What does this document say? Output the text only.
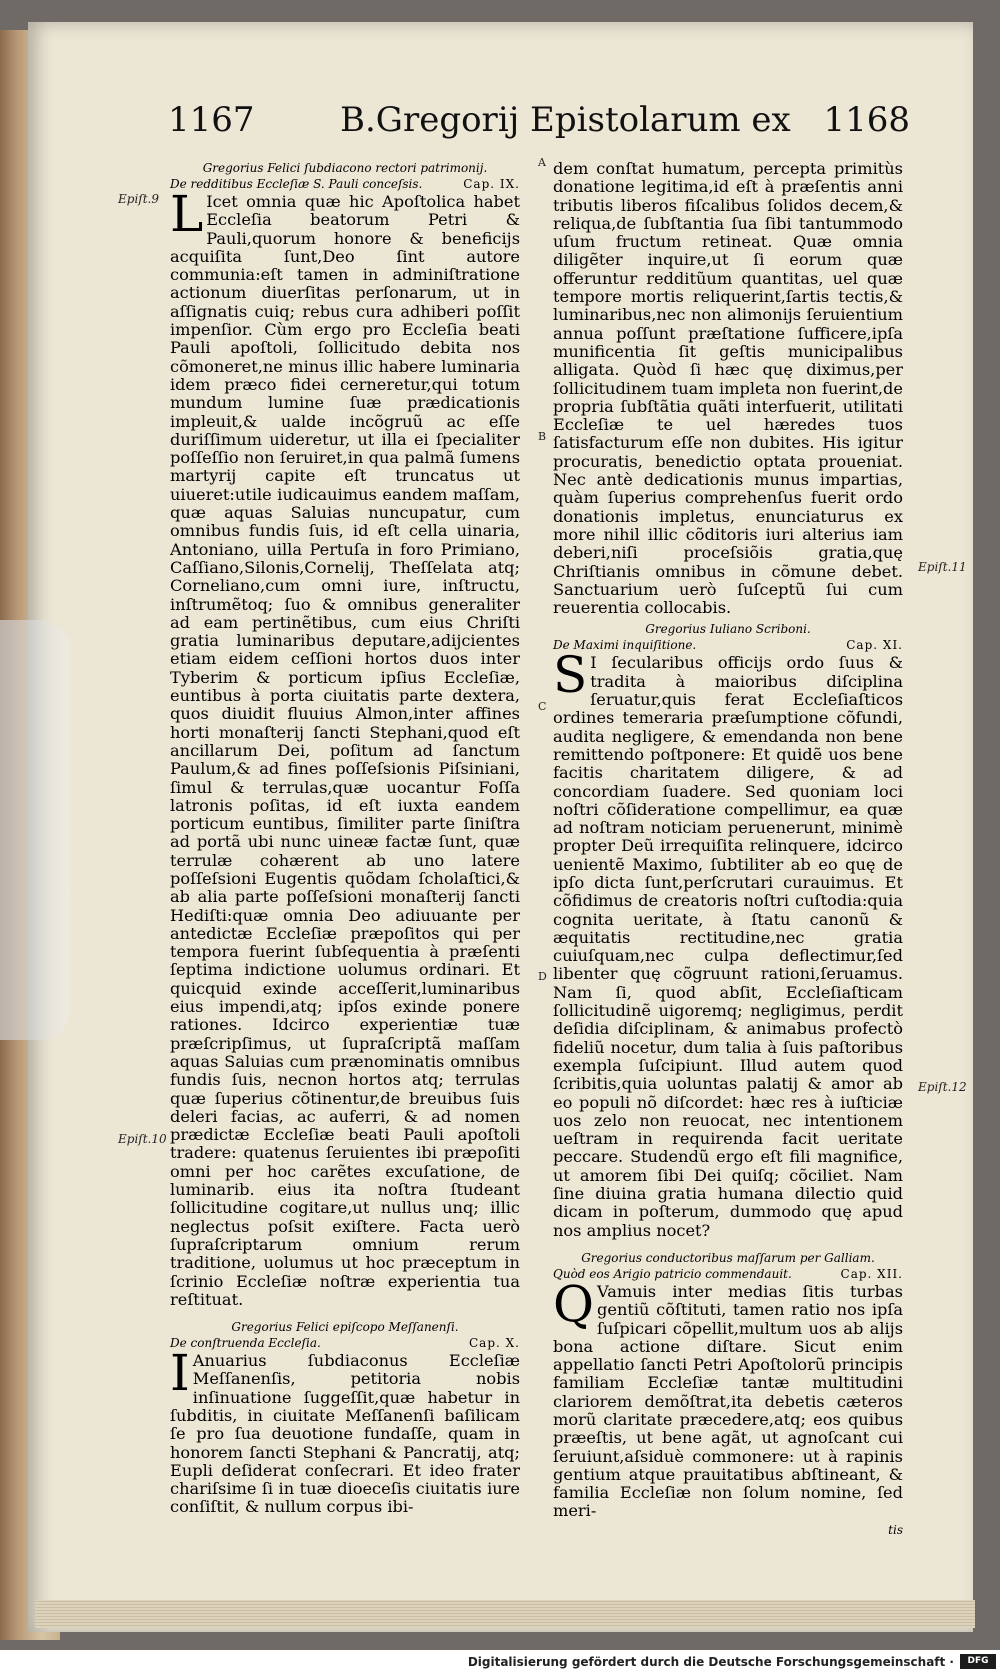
1167	B.Gregorij Epistolarum ex 1168
Epiſt.9
Epiſt.10
Epiſt.11
Epiſt.12
A
B
C
D
Gregorius Felici ſubdiacono rectori patrimonij.
De redditibus Eccleſiæ S. Pauli conceſsis.	Cap. IX.

L Icet omnia quæ hic Apoſtolica habet Eccleſia beatorum Petri & Pauli,quorum honore & beneficijs acquiſita ſunt,Deo ſint autore communia:eſt tamen in adminiſtratione actionum diuerſitas perſonarum, ut in aſſignatis cuiq; rebus cura adhiberi poſſit impenſior. Cùm ergo pro Eccleſia beati Pauli apoſtoli, ſollicitudo debita nos cõmoneret,ne minus illic habere luminaria idem præco fidei cerneretur,qui totum mundum lumine ſuæ prædicationis impleuit,& ualde incõgruũ ac eſſe duriſſimum uideretur, ut illa ei ſpecialiter poſſeſſio non ſeruiret,in qua palmã ſumens martyrij capite eſt truncatus ut uiueret:utile iudicauimus eandem maſſam, quæ aquas Saluias nuncupatur, cum omnibus fundis ſuis, id eſt cella uinaria, Antoniano, uilla Pertuſa in foro Primiano, Caſſiano,Silonis,Cornelij, Theſſelata atq; Corneliano,cum omni iure, inſtructu, inſtrumẽtoq; ſuo & omnibus generaliter ad eam pertinẽtibus, cum eius Chriſti gratia luminaribus deputare,adijcientes etiam eidem ceſſioni hortos duos inter Tyberim & porticum ipſius Eccleſiæ, euntibus à porta ciuitatis parte dextera, quos diuidit fluuius Almon,inter affines horti monaſterij ſancti Stephani,quod eſt ancillarum Dei, poſitum ad ſanctum Paulum,& ad fines poſſeſsionis Piſsiniani, ſimul & terrulas,quæ uocantur Foſſa latronis poſitas, id eſt iuxta eandem porticum euntibus, ſimiliter parte ſiniſtra ad portã ubi nunc uineæ factæ ſunt, quæ terrulæ cohærent ab uno latere poſſeſsioni Eugentis quõdam ſcholaſtici,& ab alia parte poſſeſsioni monaſterij ſancti Hediſti:quæ omnia Deo adiuuante per antedictæ Eccleſiæ præpoſitos qui per tempora fuerint ſubſequentia à præſenti ſeptima indictione uolumus ordinari. Et quicquid exinde acceſſerit,luminaribus eius impendi,atq; ipſos exinde ponere rationes. Idcirco experientiæ tuæ præſcripſimus, ut ſupraſcriptã maſſam aquas Saluias cum prænominatis omnibus fundis ſuis, necnon hortos atq; terrulas quæ ſuperius cõtinentur,de breuibus ſuis deleri facias, ac auferri, & ad nomen prædictæ Eccleſiæ beati Pauli apoſtoli tradere: quatenus ſeruientes ibi præpoſiti omni per hoc carẽtes excuſatione, de luminarib. eius ita noſtra ſtudeant ſollicitudine cogitare,ut nullus unq; illic neglectus poſsit exiſtere. Facta uerò ſupraſcriptarum omnium rerum traditione, uolumus ut hoc præceptum in ſcrinio Eccleſiæ noſtræ experientia tua reſtituat.

Gregorius Felici epiſcopo Meſſanenſi.
De conſtruenda Eccleſia.	Cap. X.

I Anuarius ſubdiaconus Eccleſiæ Meſſanenſis, petitoria nobis inſinuatione ſuggeſſit,quæ habetur in ſubditis, in ciuitate Meſſanenſi baſilicam ſe pro ſua deuotione fundaſſe, quam in honorem ſancti Stephani & Pancratij, atq; Eupli deſiderat conſecrari. Et ideo frater chariſsime ſi in tuæ dioeceſis ciuitatis iure conſiſtit, & nullum corpus ibi-

dem conſtat humatum, percepta primitùs donatione legitima,id eſt à præſentis anni tributis liberos fiſcalibus ſolidos decem,& reliqua,de ſubſtantia ſua ſibi tantummodo uſum fructum retineat. Quæ omnia diligẽter inquire,ut ſi eorum quæ offeruntur redditũum quantitas, uel quæ tempore mortis reliquerint,ſartis tectis,& luminaribus,nec non alimonijs ſeruientium annua poſſunt præſtatione ſufficere,ipſa munificentia ſit geſtis municipalibus alligata. Quòd ſi hæc quę diximus,per ſollicitudinem tuam impleta non fuerint,de propria ſubſtãtia quãti interfuerit, utilitati Eccleſiæ te uel hæredes tuos ſatisfacturum eſſe non dubites. His igitur procuratis, benedictio optata proueniat. Nec antè dedicationis munus impartias, quàm ſuperius comprehenſus fuerit ordo donationis impletus, enunciaturus ex more nihil illic cõditoris iuri alterius iam deberi,niſi proceſsiõis gratia,quę Chriſtianis omnibus in cõmune debet. Sanctuarium uerò ſuſceptũ ſui cum reuerentia collocabis.

Gregorius Iuliano Scriboni.
De Maximi inquiſitione.	Cap. XI.

S I ſecularibus officijs ordo ſuus & tradita à maioribus diſciplina ſeruatur,quis ferat Eccleſiaſticos ordines temeraria præſumptione cõfundi, audita negligere, & emendanda non bene remittendo poſtponere: Et quidẽ uos bene facitis charitatem diligere, & ad concordiam ſuadere. Sed quoniam loci noſtri cõſideratione compellimur, ea quæ ad noſtram noticiam peruenerunt, minimè propter Deũ irrequiſita relinquere, idcirco uenientẽ Maximo, ſubtiliter ab eo quę de ipſo dicta ſunt,perſcrutari curauimus. Et cõfidimus de creatoris noſtri cuſtodia:quia cognita ueritate, à ſtatu canonũ & æquitatis rectitudine,nec gratia cuiuſquam,nec culpa deflectimur,ſed libenter quę cõgruunt rationi,ſeruamus. Nam ſi, quod abſit, Eccleſiaſticam ſollicitudinẽ uigoremq; negligimus, perdit deſidia diſciplinam, & animabus profectò fideliũ nocetur, dum talia à ſuis paſtoribus exempla ſuſcipiunt. Illud autem quod ſcribitis,quia uoluntas palatij & amor ab eo populi nõ diſcordet: hæc res à iuſticiæ uos zelo non reuocat, nec intentionem ueſtram in requirenda facit ueritate peccare. Studendũ ergo eſt fili magnifice, ut amorem ſibi Dei quiſq; cõciliet. Nam ſine diuina gratia humana dilectio quid dicam in poſterum, dummodo quę apud nos amplius nocet?

Gregorius conductoribus maſſarum per Galliam.
Quòd eos Arigio patricio commendauit.	Cap. XII.

Q Vamuis inter medias ſitis turbas gentiũ cõſtituti, tamen ratio nos ipſa ſuſpicari cõpellit,multum uos ab alijs bona actione diſtare. Sicut enim appellatio ſancti Petri Apoſtolorũ principis familiam Eccleſiæ tantæ multitudini clariorem demõſtrat,ita debetis cæteros morũ claritate præcedere,atq; eos quibus præeſtis, ut bene agãt, ut agnoſcant cui ſeruiunt,aſsiduè commonere: ut à rapinis gentium atque prauitatibus abſtineant, & familia Eccleſiæ non ſolum nomine, ſed meri-

tis
Digitalisierung gefördert durch die Deutsche Forschungsgemeinschaft ·	DFG
